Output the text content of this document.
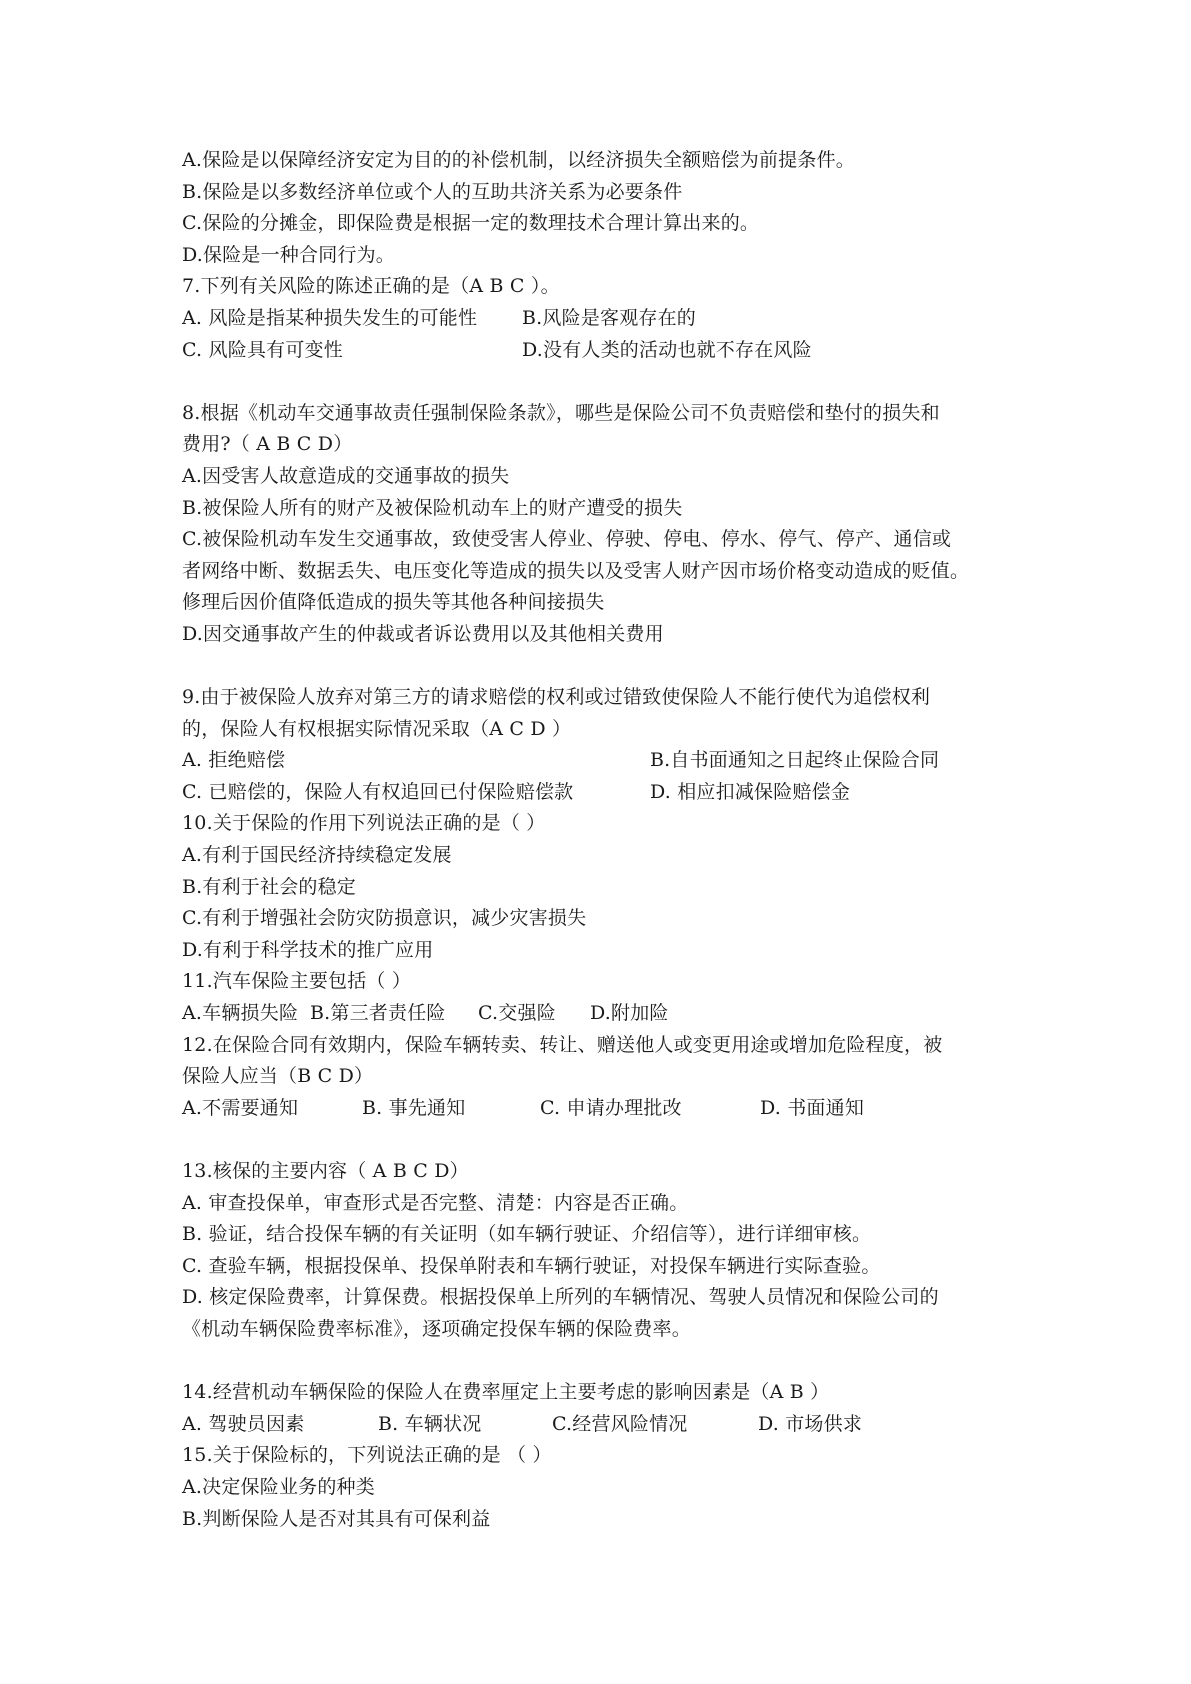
A.保险是以保障经济安定为目的的补偿机制，以经济损失全额赔偿为前提条件。
B.保险是以多数经济单位或个人的互助共济关系为必要条件
C.保险的分摊金，即保险费是根据一定的数理技术合理计算出来的。
D.保险是一种合同行为。
7.下列有关风险的陈述正确的是（A B C ）。
A. 风险是指某种损失发生的可能性	B.风险是客观存在的
C. 风险具有可变性	D.没有人类的活动也就不存在风险
8.根据《机动车交通事故责任强制保险条款》，哪些是保险公司不负责赔偿和垫付的损失和
费用?（ A B C D）
A.因受害人故意造成的交通事故的损失
B.被保险人所有的财产及被保险机动车上的财产遭受的损失
C.被保险机动车发生交通事故，致使受害人停业、停驶、停电、停水、停气、停产、通信或
者网络中断、数据丢失、电压变化等造成的损失以及受害人财产因市场价格变动造成的贬值。
修理后因价值降低造成的损失等其他各种间接损失
D.因交通事故产生的仲裁或者诉讼费用以及其他相关费用
9.由于被保险人放弃对第三方的请求赔偿的权利或过错致使保险人不能行使代为追偿权利
的，保险人有权根据实际情况采取（A C D ）
A. 拒绝赔偿	B.自书面通知之日起终止保险合同
C. 已赔偿的，保险人有权追回已付保险赔偿款	D. 相应扣减保险赔偿金
10.关于保险的作用下列说法正确的是（ ）
A.有利于国民经济持续稳定发展
B.有利于社会的稳定
C.有利于增强社会防灾防损意识，减少灾害损失
D.有利于科学技术的推广应用
11.汽车保险主要包括（ ）
A.车辆损失险 B.第三者责任险	C.交强险	D.附加险
12.在保险合同有效期内，保险车辆转卖、转让、赠送他人或变更用途或增加危险程度，被
保险人应当（B C D）
A.不需要通知	B. 事先通知	C. 申请办理批改	D. 书面通知
13.核保的主要内容（ A B C D）
A. 审查投保单，审查形式是否完整、清楚：内容是否正确。
B. 验证，结合投保车辆的有关证明（如车辆行驶证、介绍信等），进行详细审核。
C. 查验车辆，根据投保单、投保单附表和车辆行驶证，对投保车辆进行实际查验。
D. 核定保险费率，计算保费。根据投保单上所列的车辆情况、驾驶人员情况和保险公司的
《机动车辆保险费率标准》，逐项确定投保车辆的保险费率。
14.经营机动车辆保险的保险人在费率厘定上主要考虑的影响因素是（A B ）
A. 驾驶员因素	B. 车辆状况	C.经营风险情况	D. 市场供求
15.关于保险标的，下列说法正确的是 （ ）
A.决定保险业务的种类
B.判断保险人是否对其具有可保利益
